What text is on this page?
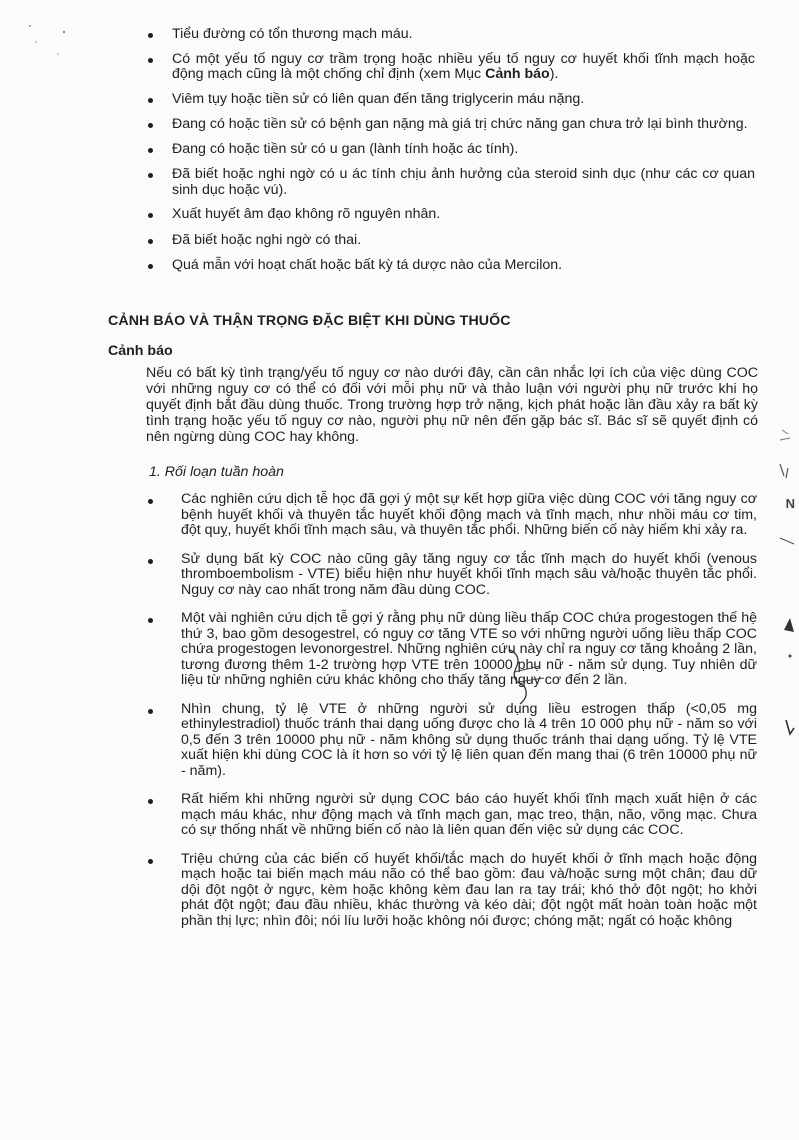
Tiểu đường có tổn thương mạch máu.
Có một yếu tố nguy cơ trầm trọng hoặc nhiều yếu tố nguy cơ huyết khối tĩnh mạch hoặc động mạch cũng là một chống chỉ định (xem Mục Cảnh báo).
Viêm tụy hoặc tiền sử có liên quan đến tăng triglycerin máu nặng.
Đang có hoặc tiền sử có bệnh gan nặng mà giá trị chức năng gan chưa trở lại bình thường.
Đang có hoặc tiền sử có u gan (lành tính hoặc ác tính).
Đã biết hoặc nghi ngờ có u ác tính chịu ảnh hưởng của steroid sinh dục (như các cơ quan sinh dục hoặc vú).
Xuất huyết âm đạo không rõ nguyên nhân.
Đã biết hoặc nghi ngờ có thai.
Quá mẫn với hoạt chất hoặc bất kỳ tá dược nào của Mercilon.
CẢNH BÁO VÀ THẬN TRỌNG ĐẶC BIỆT KHI DÙNG THUỐC
Cảnh báo
Nếu có bất kỳ tình trạng/yếu tố nguy cơ nào dưới đây, cần cân nhắc lợi ích của việc dùng COC với những nguy cơ có thể có đối với mỗi phụ nữ và thảo luận với người phụ nữ trước khi họ quyết định bắt đầu dùng thuốc. Trong trường hợp trở nặng, kịch phát hoặc lần đầu xảy ra bất kỳ tình trạng hoặc yếu tố nguy cơ nào, người phụ nữ nên đến gặp bác sĩ. Bác sĩ sẽ quyết định có nên ngừng dùng COC hay không.
1. Rối loạn tuần hoàn
Các nghiên cứu dịch tễ học đã gợi ý một sự kết hợp giữa việc dùng COC với tăng nguy cơ bệnh huyết khối và thuyên tắc huyết khối động mạch và tĩnh mạch, như nhồi máu cơ tim, đột quỵ, huyết khối tĩnh mạch sâu, và thuyên tắc phổi. Những biến cố này hiếm khi xảy ra.
Sử dụng bất kỳ COC nào cũng gây tăng nguy cơ tắc tĩnh mạch do huyết khối (venous thromboembolism - VTE) biểu hiện như huyết khối tĩnh mạch sâu và/hoặc thuyên tắc phổi. Nguy cơ này cao nhất trong năm đầu dùng COC.
Một vài nghiên cứu dịch tễ gợi ý rằng phụ nữ dùng liều thấp COC chứa progestogen thế hệ thứ 3, bao gồm desogestrel, có nguy cơ tăng VTE so với những người uống liều thấp COC chứa progestogen levonorgestrel. Những nghiên cứu này chỉ ra nguy cơ tăng khoảng 2 lần, tương đương thêm 1-2 trường hợp VTE trên 10000 phụ nữ - năm sử dụng. Tuy nhiên dữ liệu từ những nghiên cứu khác không cho thấy tăng nguy cơ đến 2 lần.
Nhìn chung, tỷ lệ VTE ở những người sử dụng liều estrogen thấp (<0,05 mg ethinylestradiol) thuốc tránh thai dạng uống được cho là 4 trên 10 000 phụ nữ - năm so với 0,5 đến 3 trên 10000 phụ nữ - năm không sử dụng thuốc tránh thai dạng uống. Tỷ lệ VTE xuất hiện khi dùng COC là ít hơn so với tỷ lệ liên quan đến mang thai (6 trên 10000 phụ nữ - năm).
Rất hiếm khi những người sử dụng COC báo cáo huyết khối tĩnh mạch xuất hiện ở các mạch máu khác, như động mạch và tĩnh mạch gan, mạc treo, thận, não, võng mạc. Chưa có sự thống nhất về những biến cố nào là liên quan đến việc sử dụng các COC.
Triệu chứng của các biến cố huyết khối/tắc mạch do huyết khối ở tĩnh mạch hoặc động mạch hoặc tai biến mạch máu não có thể bao gồm: đau và/hoặc sưng một chân; đau dữ dội đột ngột ở ngực, kèm hoặc không kèm đau lan ra tay trái; khó thở đột ngột; ho khởi phát đột ngột; đau đầu nhiều, khác thường và kéo dài; đột ngột mất hoàn toàn hoặc một phần thị lực; nhìn đôi; nói líu lưỡi hoặc không nói được; chóng mặt; ngất có hoặc không
N
